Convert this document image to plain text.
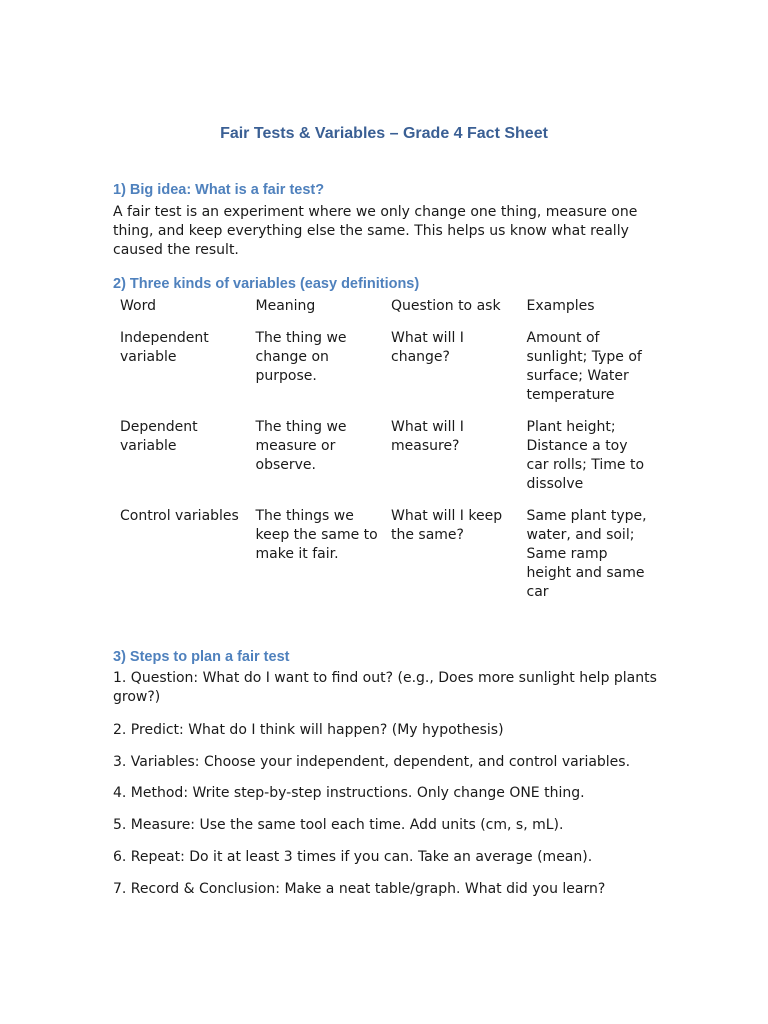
Fair Tests & Variables – Grade 4 Fact Sheet
1) Big idea: What is a fair test?

A fair test is an experiment where we only change one thing, measure one thing, and keep everything else the same. This helps us know what really caused the result.

2) Three kinds of variables (easy definitions)
Word	Meaning	Question to ask	Examples
Independent variable	The thing we change on purpose.	What will I change?	Amount of sunlight; Type of surface; Water temperature
Dependent variable	The thing we measure or observe.	What will I measure?	Plant height; Distance a toy car rolls; Time to dissolve
Control variables	The things we keep the same to make it fair.	What will I keep the same?	Same plant type, water, and soil; Same ramp height and same car
3) Steps to plan a fair test

1. Question: What do I want to find out? (e.g., Does more sunlight help plants grow?)

2. Predict: What do I think will happen? (My hypothesis)

3. Variables: Choose your independent, dependent, and control variables.

4. Method: Write step-by-step instructions. Only change ONE thing.

5. Measure: Use the same tool each time. Add units (cm, s, mL).

6. Repeat: Do it at least 3 times if you can. Take an average (mean).

7. Record & Conclusion: Make a neat table/graph. What did you learn?
